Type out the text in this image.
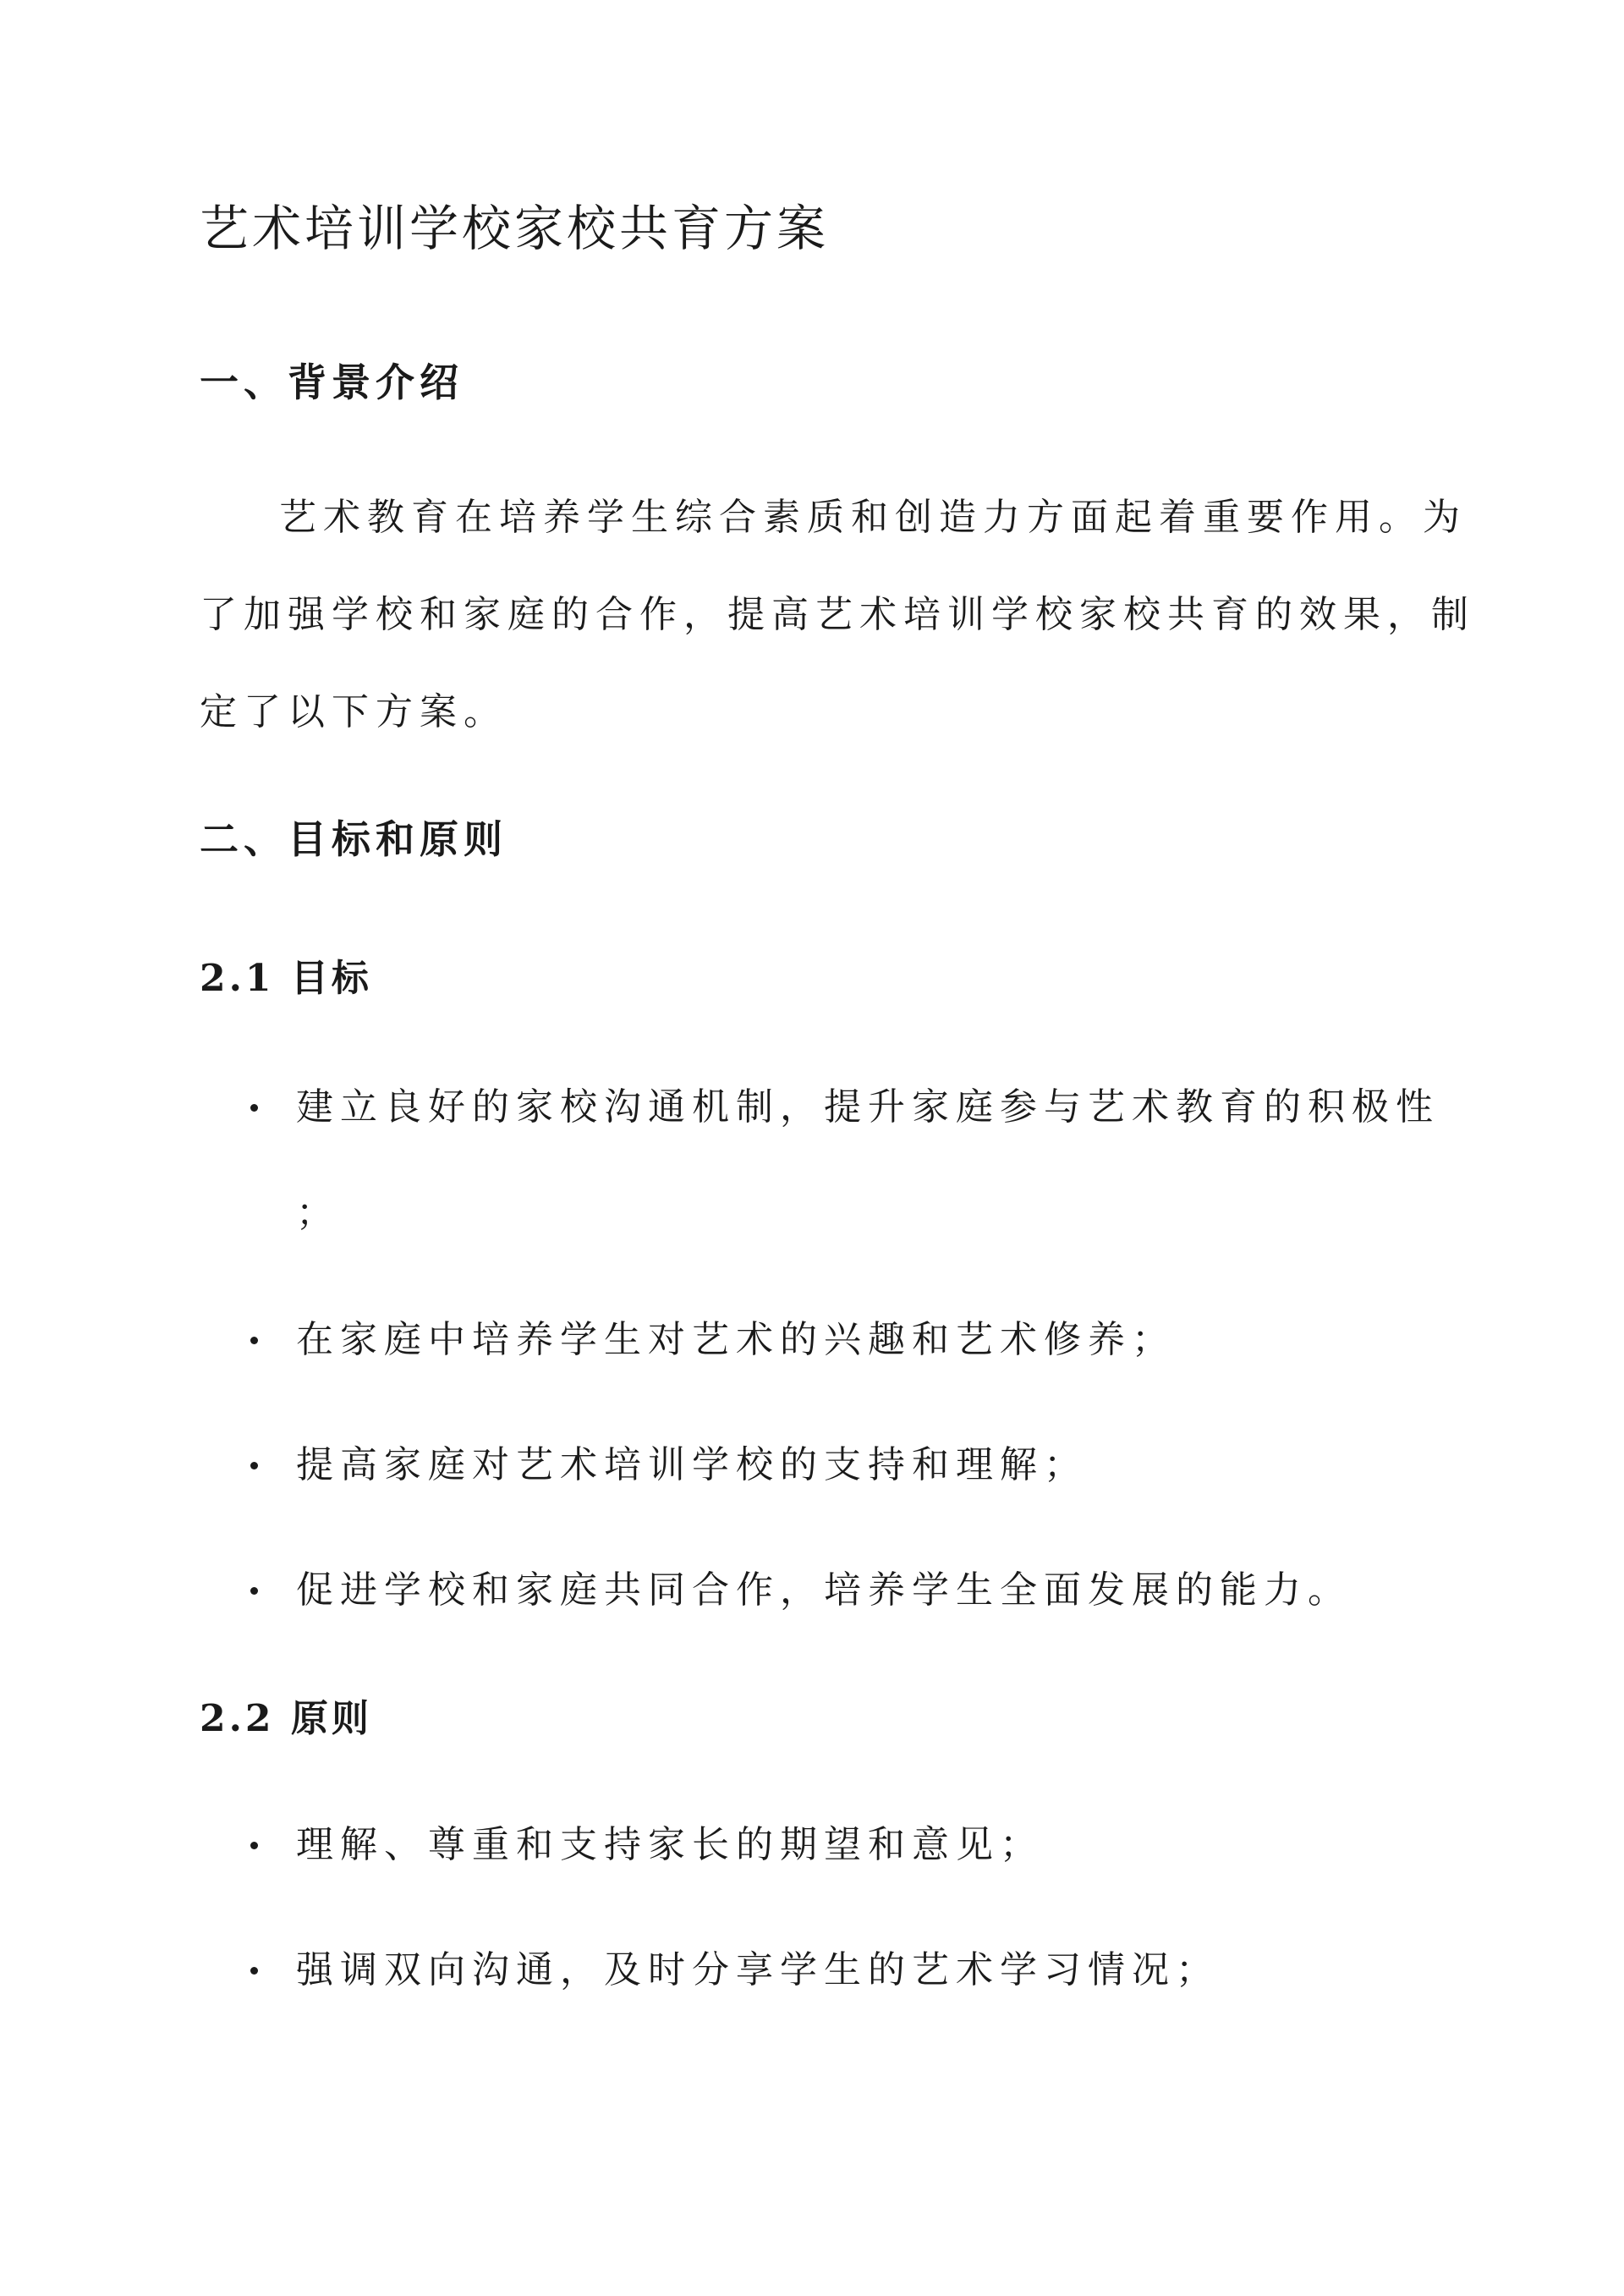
艺术培训学校家校共育方案
一、背景介绍
艺术教育在培养学生综合素质和创造力方面起着重要作用。为
了加强学校和家庭的合作，提高艺术培训学校家校共育的效果，制
定了以下方案。
二、目标和原则
2.1 目标
建立良好的家校沟通机制，提升家庭参与艺术教育的积极性
；
在家庭中培养学生对艺术的兴趣和艺术修养；
提高家庭对艺术培训学校的支持和理解；
促进学校和家庭共同合作，培养学生全面发展的能力。
2.2 原则
理解、尊重和支持家长的期望和意见；
强调双向沟通，及时分享学生的艺术学习情况；
